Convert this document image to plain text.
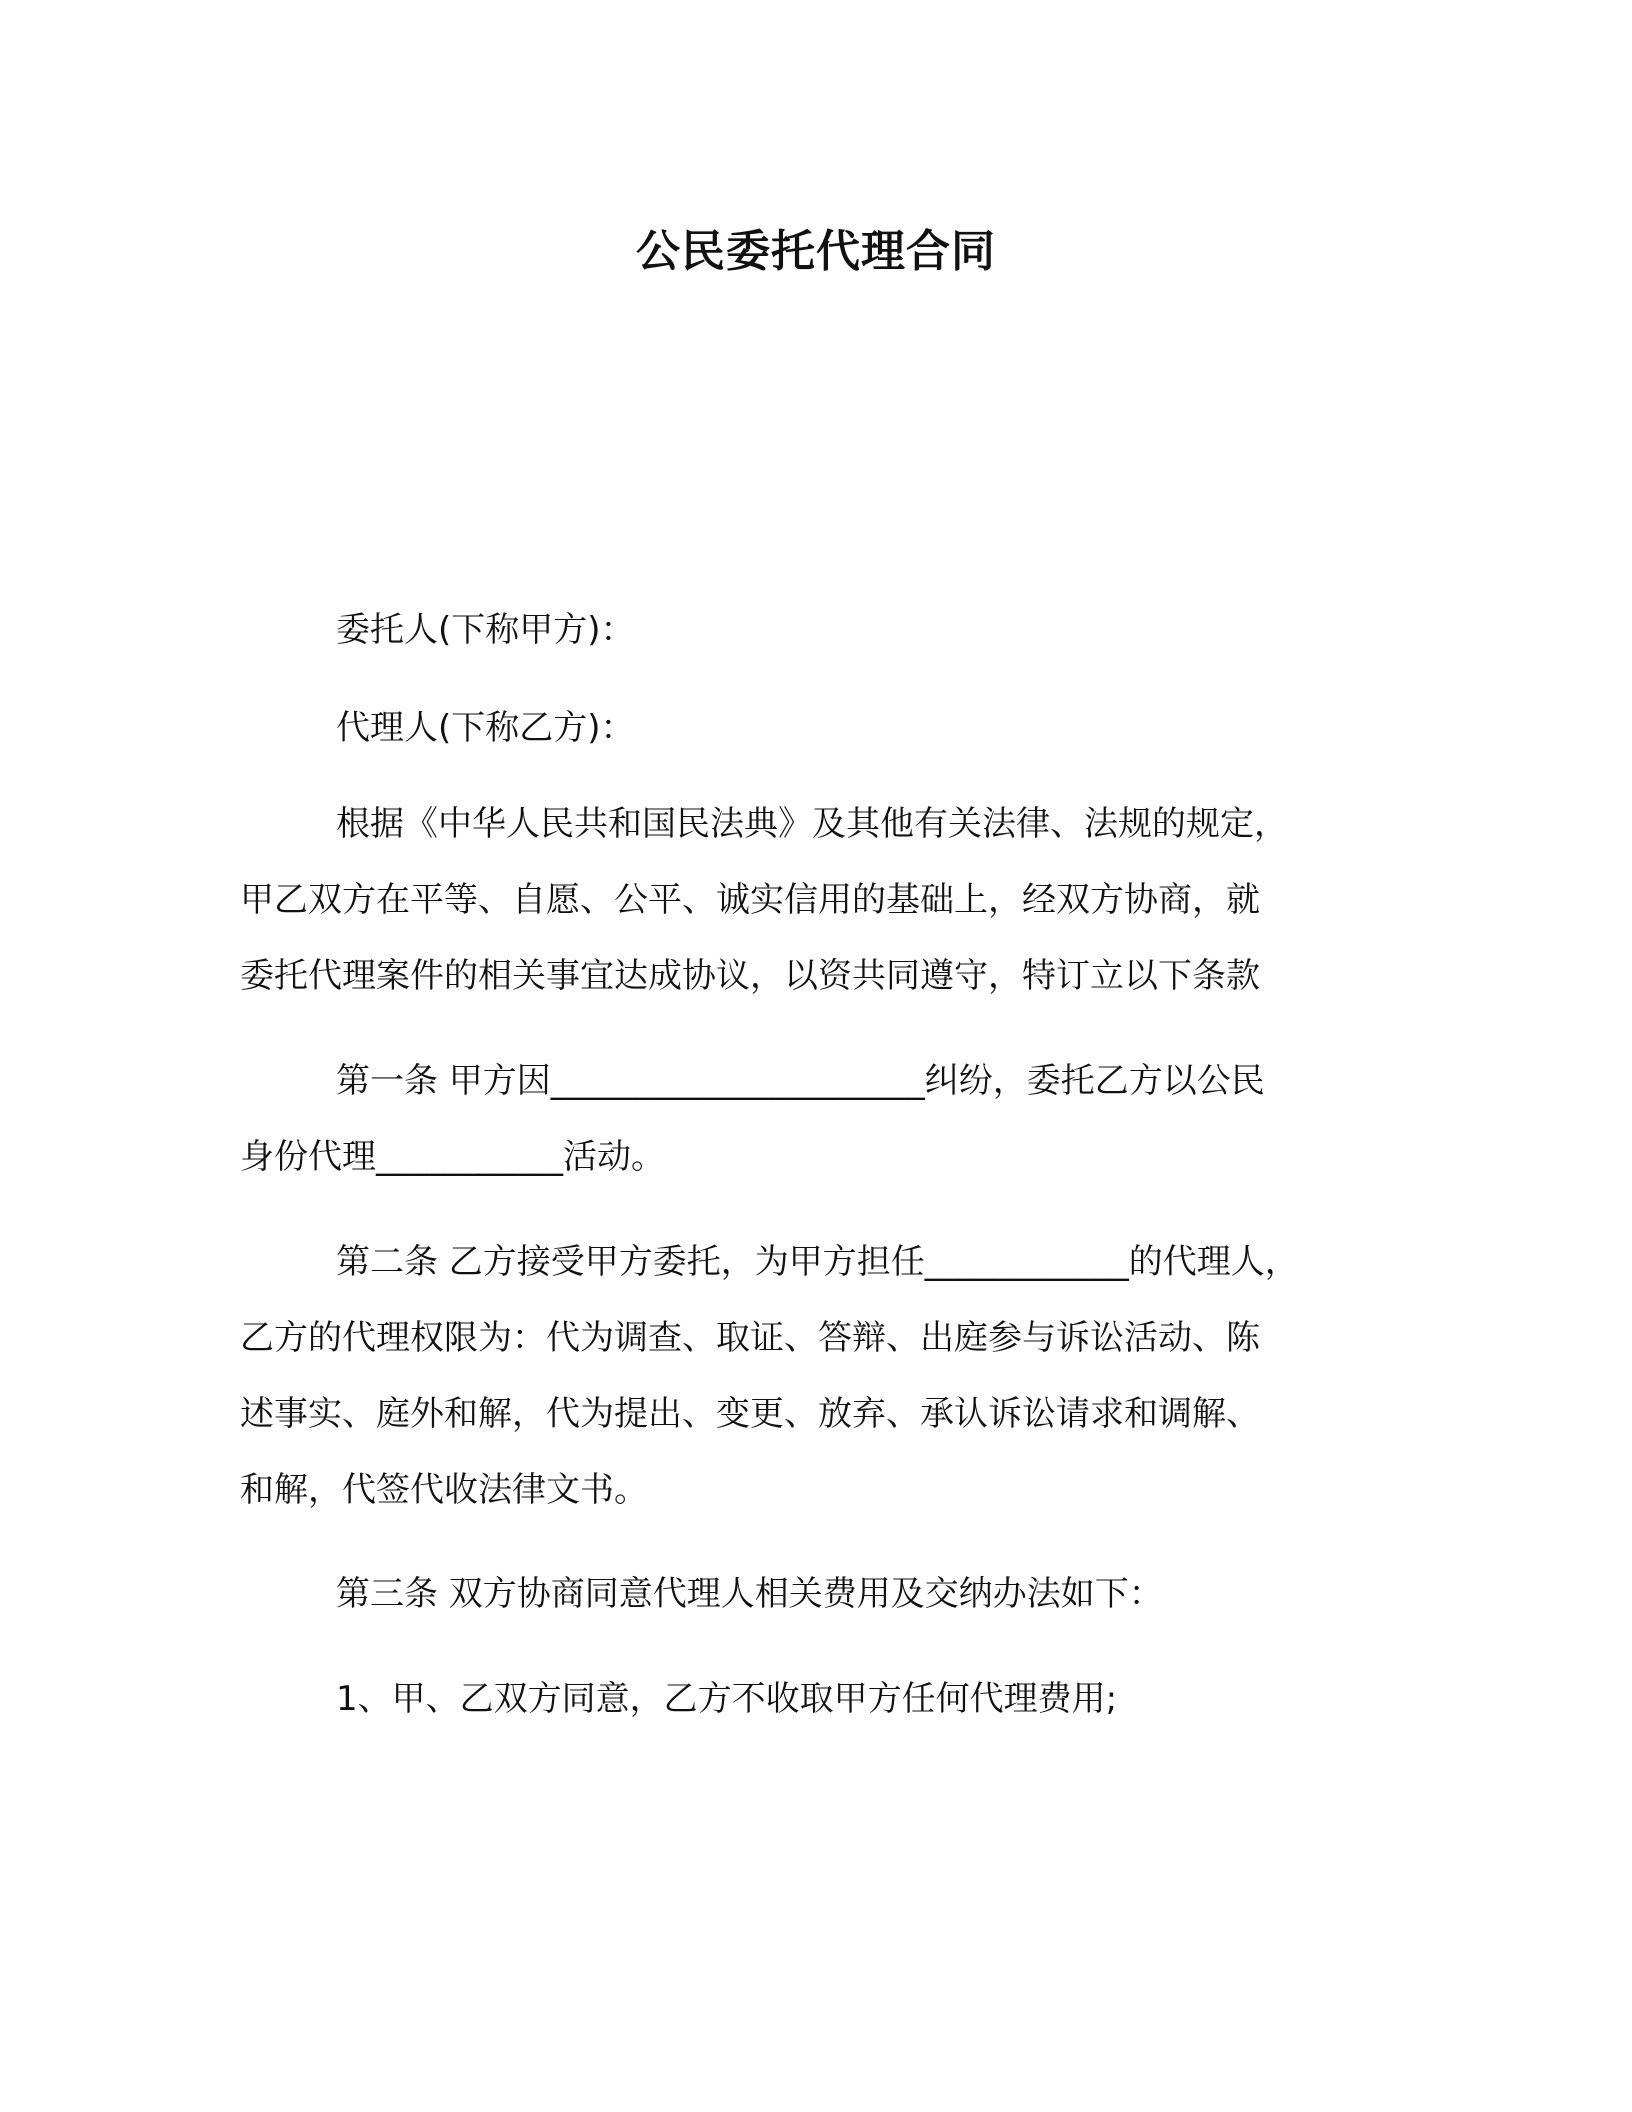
公民委托代理合同
委托人(下称甲方)：
代理人(下称乙方)：
根据《中华人民共和国民法典》及其他有关法律、法规的规定，
甲乙双方在平等、自愿、公平、诚实信用的基础上，经双方协商，就
委托代理案件的相关事宜达成协议，以资共同遵守，特订立以下条款
第一条 甲方因______________________纠纷，委托乙方以公民
身份代理___________活动。
第二条 乙方接受甲方委托，为甲方担任____________的代理人，
乙方的代理权限为：代为调查、取证、答辩、出庭参与诉讼活动、陈
述事实、庭外和解，代为提出、变更、放弃、承认诉讼请求和调解、
和解，代签代收法律文书。
第三条 双方协商同意代理人相关费用及交纳办法如下：
1、甲、乙双方同意，乙方不收取甲方任何代理费用;
